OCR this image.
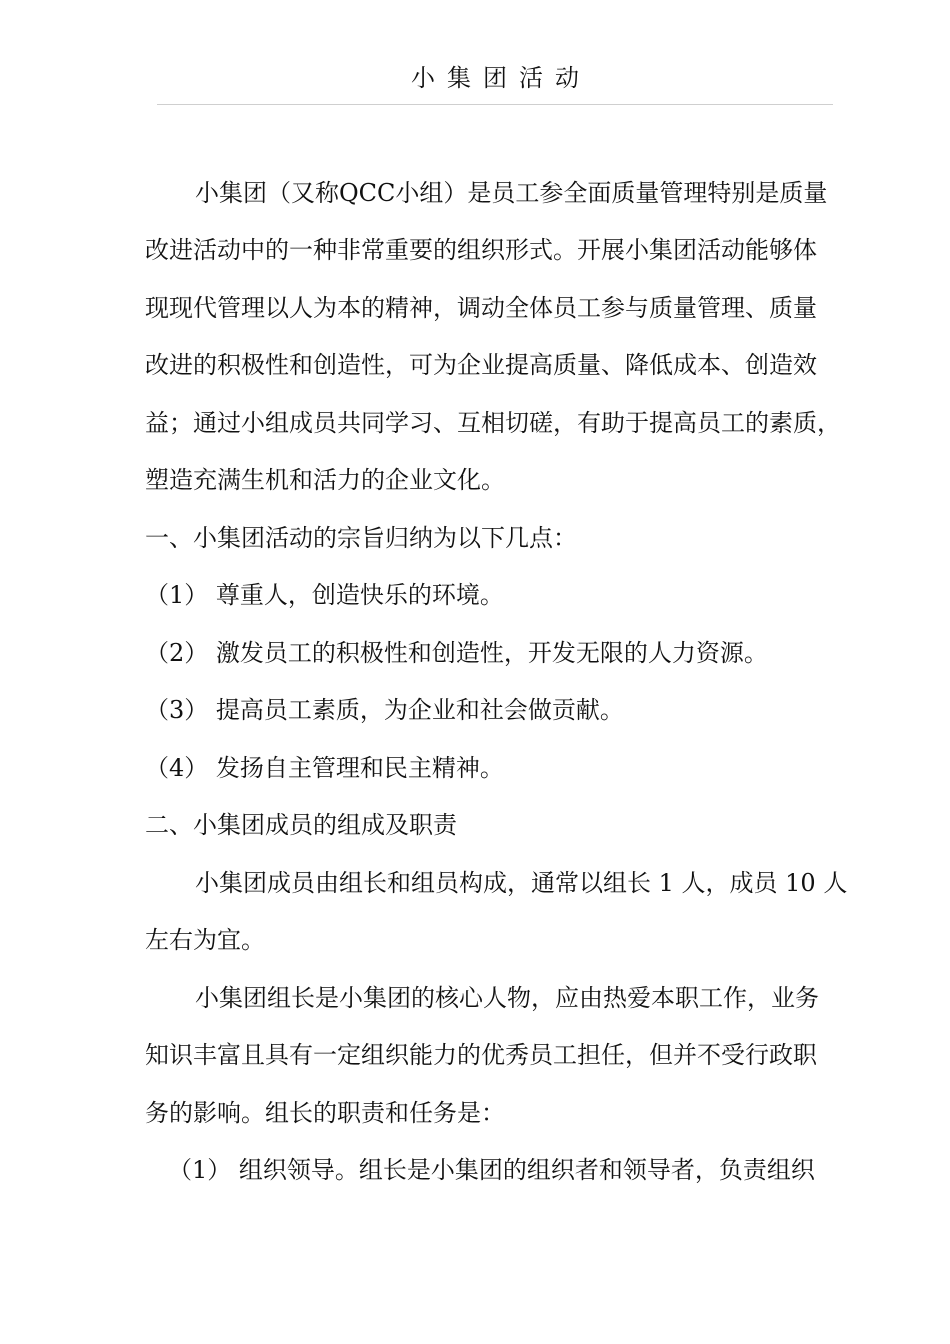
小集团活动
小集团（又称QCC小组）是员工参全面质量管理特别是质量
改进活动中的一种非常重要的组织形式。开展小集团活动能够体
现现代管理以人为本的精神，调动全体员工参与质量管理、质量
改进的积极性和创造性，可为企业提高质量、降低成本、创造效
益；通过小组成员共同学习、互相切磋，有助于提高员工的素质，
塑造充满生机和活力的企业文化。
一、小集团活动的宗旨归纳为以下几点：
（1） 尊重人，创造快乐的环境。
（2） 激发员工的积极性和创造性，开发无限的人力资源。
（3） 提高员工素质，为企业和社会做贡献。
（4） 发扬自主管理和民主精神。
二、小集团成员的组成及职责
小集团成员由组长和组员构成，通常以组长 1 人，成员 10 人
左右为宜。
小集团组长是小集团的核心人物，应由热爱本职工作，业务
知识丰富且具有一定组织能力的优秀员工担任，但并不受行政职
务的影响。组长的职责和任务是：
（1） 组织领导。组长是小集团的组织者和领导者，负责组织
